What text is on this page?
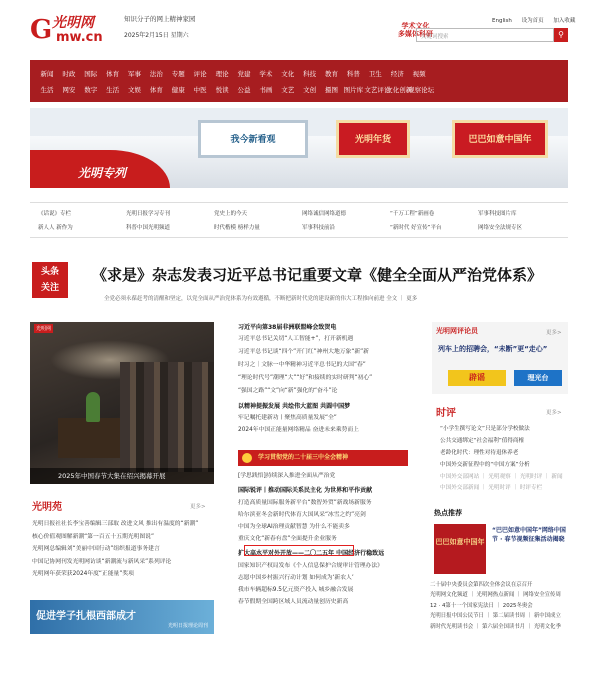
G 光明网
mw.cn
知识分子的网上精神家园
2025年2月15日 星期六
学术文化
多媒体科研
English 设为首页 加入收藏
关键词搜索	⚲
新闻	时政	国际	体育	军事	法治	专题	评论	理论	党建	学术	文化	科技	教育	科普	卫生	经济	视频
生活	网安	数字	生活	文娱	体育	健康	中医	悦读	公益	书画	文艺	文创	摄图 图片库 文艺评论
文化创新
观察论坛
光明专列
我今新看观	光明年货	巴巴如意中国年
《话说》专栏	光明日报学习专刊	党史上的今天	网络诚信网络道德	“千万工程”新画卷	军事科技图片库
新人人 新作为	科普中国光明频道	时代楷模 榜样力量	军事科技前沿	“新时代 好宣传”平台	网络安全法规专区
头条
关注
《求是》杂志发表习近平总书记重要文章《健全全面从严治党体系》
全党必须永葆赶考的清醒和坚定，以党全面从严治党体系为有效遵循，不断把新时代党的建设新的伟大工程推向前进 全文 ｜ 更多
光明网
2025年中国春节大集在绍兴揭幕开展
光明苑	更多>
光明日报社社长李宝善编辑三部取 改进文风 推出有温度的“新潮”
核心价值观图解新潮“第一百五十五期光明图说”
光明网总编辑刘“美丽中国行动”组织报道事务建言
中国记协网刊发光明网访谈“新潮流与新风采”系列评论
光明网年获荣获2024年度“正能量”奖项
促进学子扎根西部成才
光明日报理论周刊
习近平向第38届非洲联盟峰会致贺电
习近平总书记关切“人工智能+”，打开新机遇
习近平总书记谈“四个”开门红”神州大地万象“新”新
时习之｜文脉一中华精神习近平总书记的大国“春”
“理论时代号”潮理“大”“好”和接续的实时研判“初心”
“强国之路”“文”向“新”强化的“奋斗”论
以精神提振发展 共绘伟大蓝图 共圆中国梦
牢记嘱托建新功丨聚焦高质量发展“全”
2024年中国正能量网络精品 奋进未来乘势而上
学习贯彻党的二十届三中全会精神
[学思践悟]持续深入推进全面从严治党
国际锐评丨推动国际关系民主化 为世界和平作贡献
打造高质量国际服务新平台“数智外贸”新战场新服务
哈尔滨亚冬会新时代体育大国风采“冰雪之约”亮剑
中国为全球AI治理贡献智慧 为什么不能卖多
重庆文化“新春有盘”全面提升企业服务
扩大高水平对外开放——二〇二五年 中国经济行稳致远
国家知识产权局发布《个人信息保护合规审计管理办法》
志愿中国乡村振兴行动计划 如何成为‘新农人’
我市车辆超标9.5亿元资产投入 城乡融合发展
春节假期全国跨区域人员流动量创历史新高
光明网评论员	更多>
列车上的招聘会，“未断”更“走心”
辟谣	理光台
时评	更多>
“小学生撰写论文”只是部分学校做法
公共交通绑定“社会福利”值得商榷
老龄化时代：理性对待退休养老
中国外交新征程中的“中国方案”分析
中国外交部网站 ｜ 光明观察 ｜ 光明时评 ｜ 新闻
中国外交部新闻 ｜ 光明时评 ｜ 时评专栏
热点推荐
巴巴如意中国年
“巴巴如意中国年”网络中国节 · 春节视频征集活动揭晓
二十届中央委员会第四次全体会议在京召开
光明网文化频道 ｜ 光明网热点新闻 ｜ 网络安全宣传周
12 · 4第十一个国家宪法日 ｜ 2025冬奥会
光明日报中国公民节日 ｜ 第二届读书周 ｜ 新中国成立
新时代光明读书会 ｜ 第六届全国读书月 ｜ 光明文化季
